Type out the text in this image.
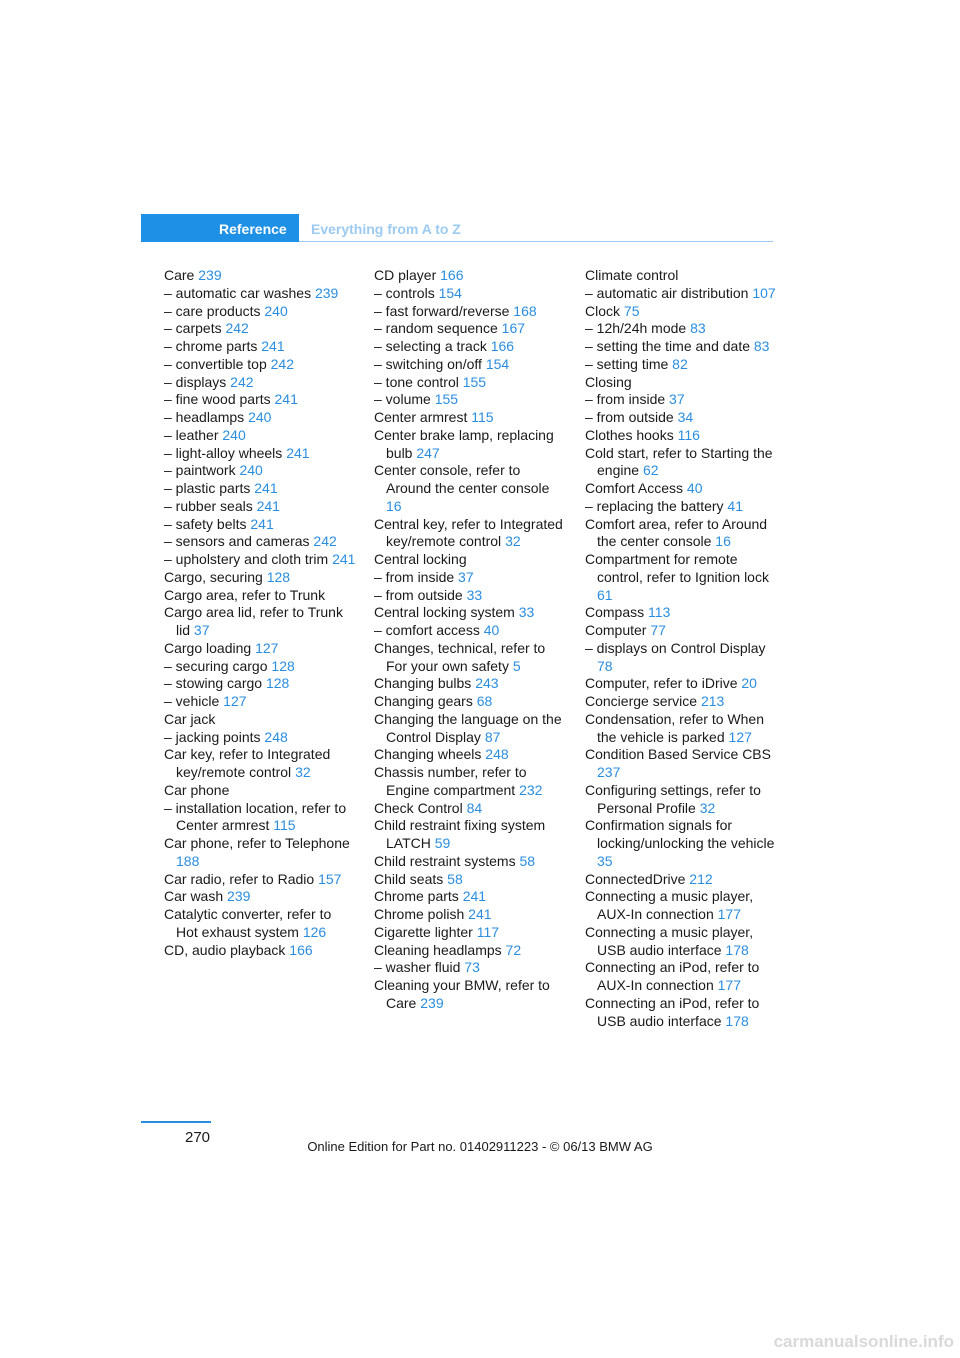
Reference Everything from A to Z
Care 239
– automatic car washes 239
– care products 240
– carpets 242
– chrome parts 241
– convertible top 242
– displays 242
– fine wood parts 241
– headlamps 240
– leather 240
– light-alloy wheels 241
– paintwork 240
– plastic parts 241
– rubber seals 241
– safety belts 241
– sensors and cameras 242
– upholstery and cloth trim 241
Cargo, securing 128
Cargo area, refer to Trunk
Cargo area lid, refer to Trunk lid 37
Cargo loading 127
– securing cargo 128
– stowing cargo 128
– vehicle 127
Car jack
– jacking points 248
Car key, refer to Integrated key/remote control 32
Car phone
– installation location, refer to Center armrest 115
Car phone, refer to Telephone 188
Car radio, refer to Radio 157
Car wash 239
Catalytic converter, refer to Hot exhaust system 126
CD, audio playback 166
CD player 166
– controls 154
– fast forward/reverse 168
– random sequence 167
– selecting a track 166
– switching on/off 154
– tone control 155
– volume 155
Center armrest 115
Center brake lamp, replacing bulb 247
Center console, refer to Around the center console 16
Central key, refer to Integrated key/remote control 32
Central locking
– from inside 37
– from outside 33
Central locking system 33
– comfort access 40
Changes, technical, refer to For your own safety 5
Changing bulbs 243
Changing gears 68
Changing the language on the Control Display 87
Changing wheels 248
Chassis number, refer to Engine compartment 232
Check Control 84
Child restraint fixing system LATCH 59
Child restraint systems 58
Child seats 58
Chrome parts 241
Chrome polish 241
Cigarette lighter 117
Cleaning headlamps 72
– washer fluid 73
Cleaning your BMW, refer to Care 239
Climate control
– automatic air distribution 107
Clock 75
– 12h/24h mode 83
– setting the time and date 83
– setting time 82
Closing
– from inside 37
– from outside 34
Clothes hooks 116
Cold start, refer to Starting the engine 62
Comfort Access 40
– replacing the battery 41
Comfort area, refer to Around the center console 16
Compartment for remote control, refer to Ignition lock 61
Compass 113
Computer 77
– displays on Control Display 78
Computer, refer to iDrive 20
Concierge service 213
Condensation, refer to When the vehicle is parked 127
Condition Based Service CBS 237
Configuring settings, refer to Personal Profile 32
Confirmation signals for locking/unlocking the vehicle 35
ConnectedDrive 212
Connecting a music player, AUX-In connection 177
Connecting a music player, USB audio interface 178
Connecting an iPod, refer to AUX-In connection 177
Connecting an iPod, refer to USB audio interface 178
270
Online Edition for Part no. 01402911223 - © 06/13 BMW AG
carmanualsonline.info
